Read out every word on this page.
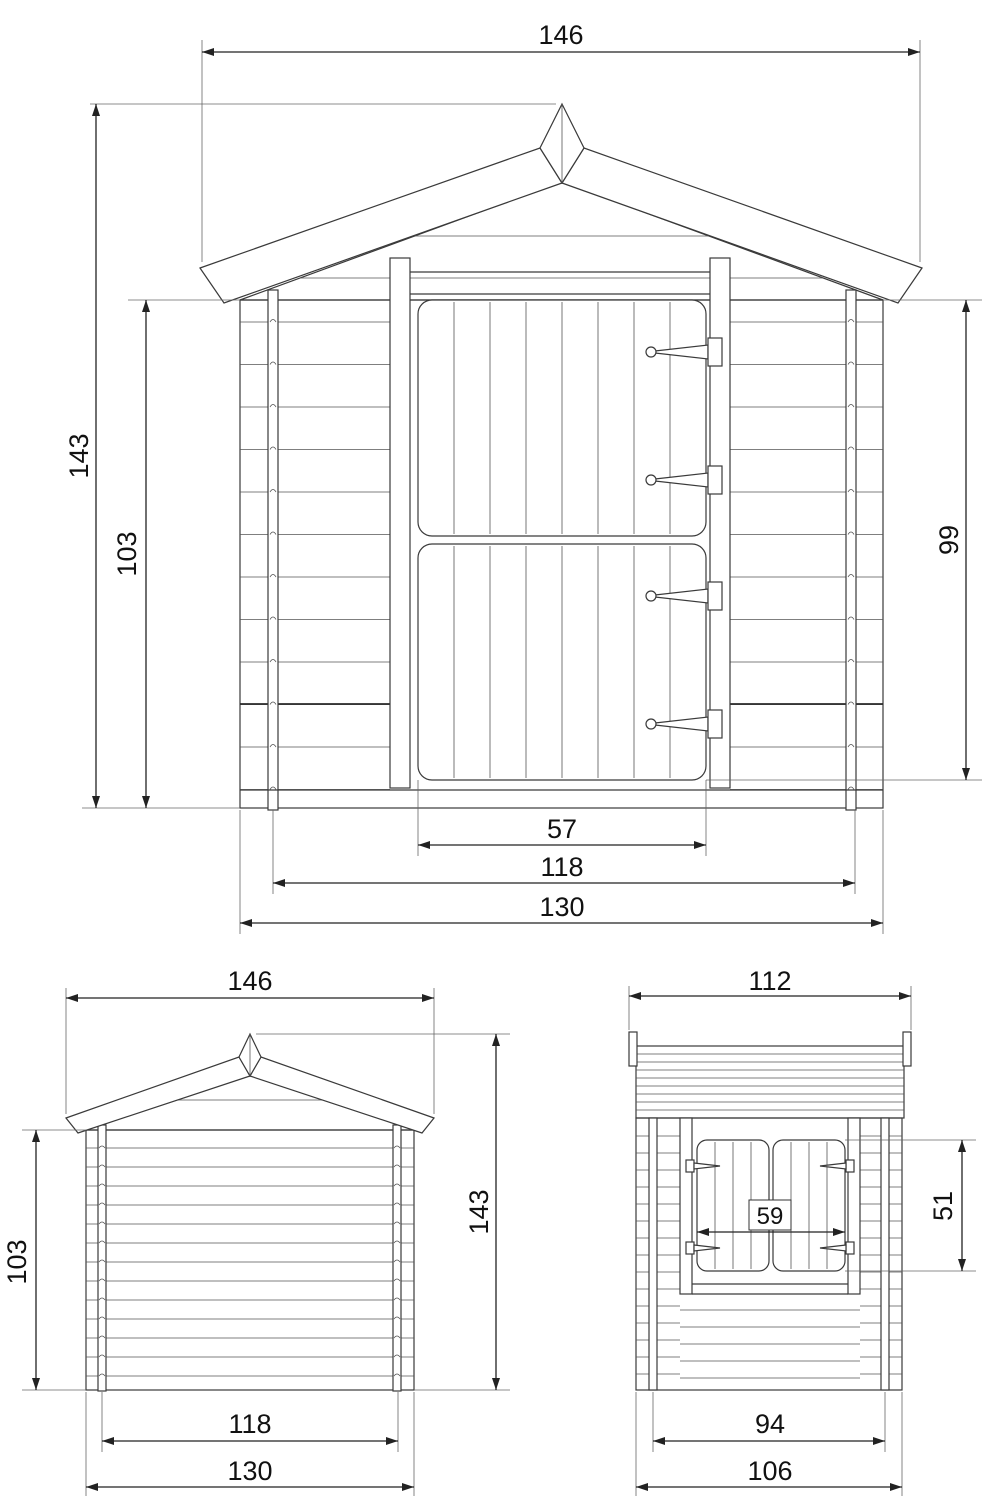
146
143
103	99
57
118
130
146
143
103
118
130
112
59	51
94
106
